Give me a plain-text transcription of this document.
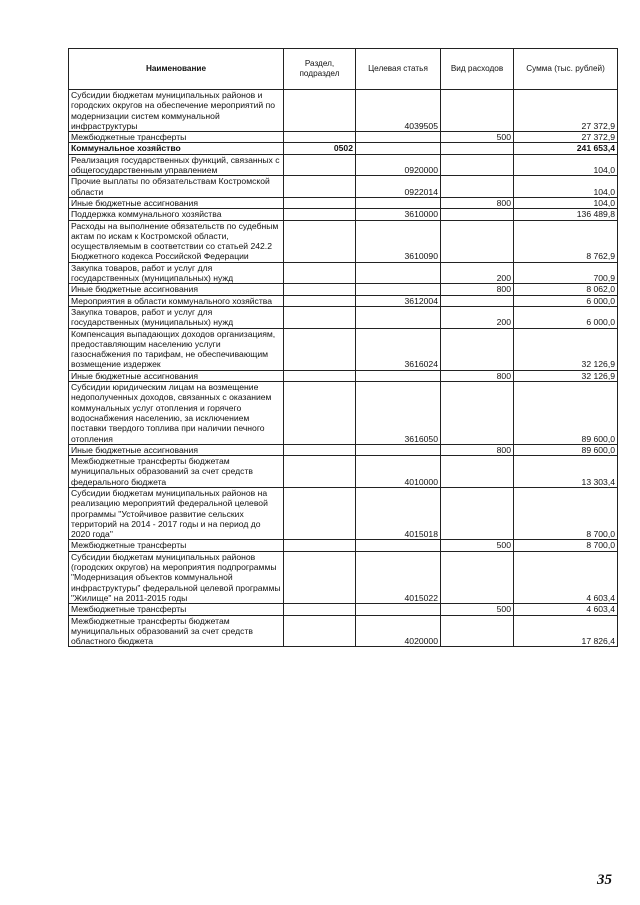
Наименование	Раздел, подраздел	Целевая статья	Вид расходов	Сумма (тыс. рублей)
Субсидии бюджетам муниципальных районов и городских округов на обеспечение мероприятий по модернизации систем коммунальной инфраструктуры		4039505		27 372,9
Межбюджетные трансферты			500	27 372,9
Коммунальное хозяйство	0502			241 653,4
Реализация государственных функций, связанных с общегосударственным управлением		0920000		104,0
Прочие выплаты по обязательствам Костромской области		0922014		104,0
Иные бюджетные ассигнования			800	104,0
Поддержка коммунального хозяйства		3610000		136 489,8
Расходы на выполнение обязательств по судебным актам по искам к Костромской области, осуществляемым в соответствии со статьей 242.2 Бюджетного кодекса Российской Федерации		3610090		8 762,9
Закупка товаров, работ и услуг для государственных (муниципальных) нужд			200	700,9
Иные бюджетные ассигнования			800	8 062,0
Мероприятия в области коммунального хозяйства		3612004		6 000,0
Закупка товаров, работ и услуг для государственных (муниципальных) нужд			200	6 000,0
Компенсация выпадающих доходов организациям, предоставляющим населению услуги газоснабжения по тарифам, не обеспечивающим возмещение издержек		3616024		32 126,9
Иные бюджетные ассигнования			800	32 126,9
Субсидии юридическим лицам на возмещение недополученных доходов, связанных с оказанием коммунальных услуг отопления и горячего водоснабжения населению, за исключением поставки твердого топлива при наличии печного отопления		3616050		89 600,0
Иные бюджетные ассигнования			800	89 600,0
Межбюджетные трансферты бюджетам муниципальных образований за счет средств федерального бюджета		4010000		13 303,4
Субсидии бюджетам муниципальных районов на реализацию мероприятий федеральной целевой программы "Устойчивое развитие сельских территорий на 2014 - 2017 годы и на период до 2020 года"		4015018		8 700,0
Межбюджетные трансферты			500	8 700,0
Субсидии бюджетам муниципальных районов (городских округов) на мероприятия подпрограммы "Модернизация объектов коммунальной инфраструктуры" федеральной целевой программы "Жилище" на 2011-2015 годы		4015022		4 603,4
Межбюджетные трансферты			500	4 603,4
Межбюджетные трансферты бюджетам муниципальных образований за счет средств областного бюджета		4020000		17 826,4
35
